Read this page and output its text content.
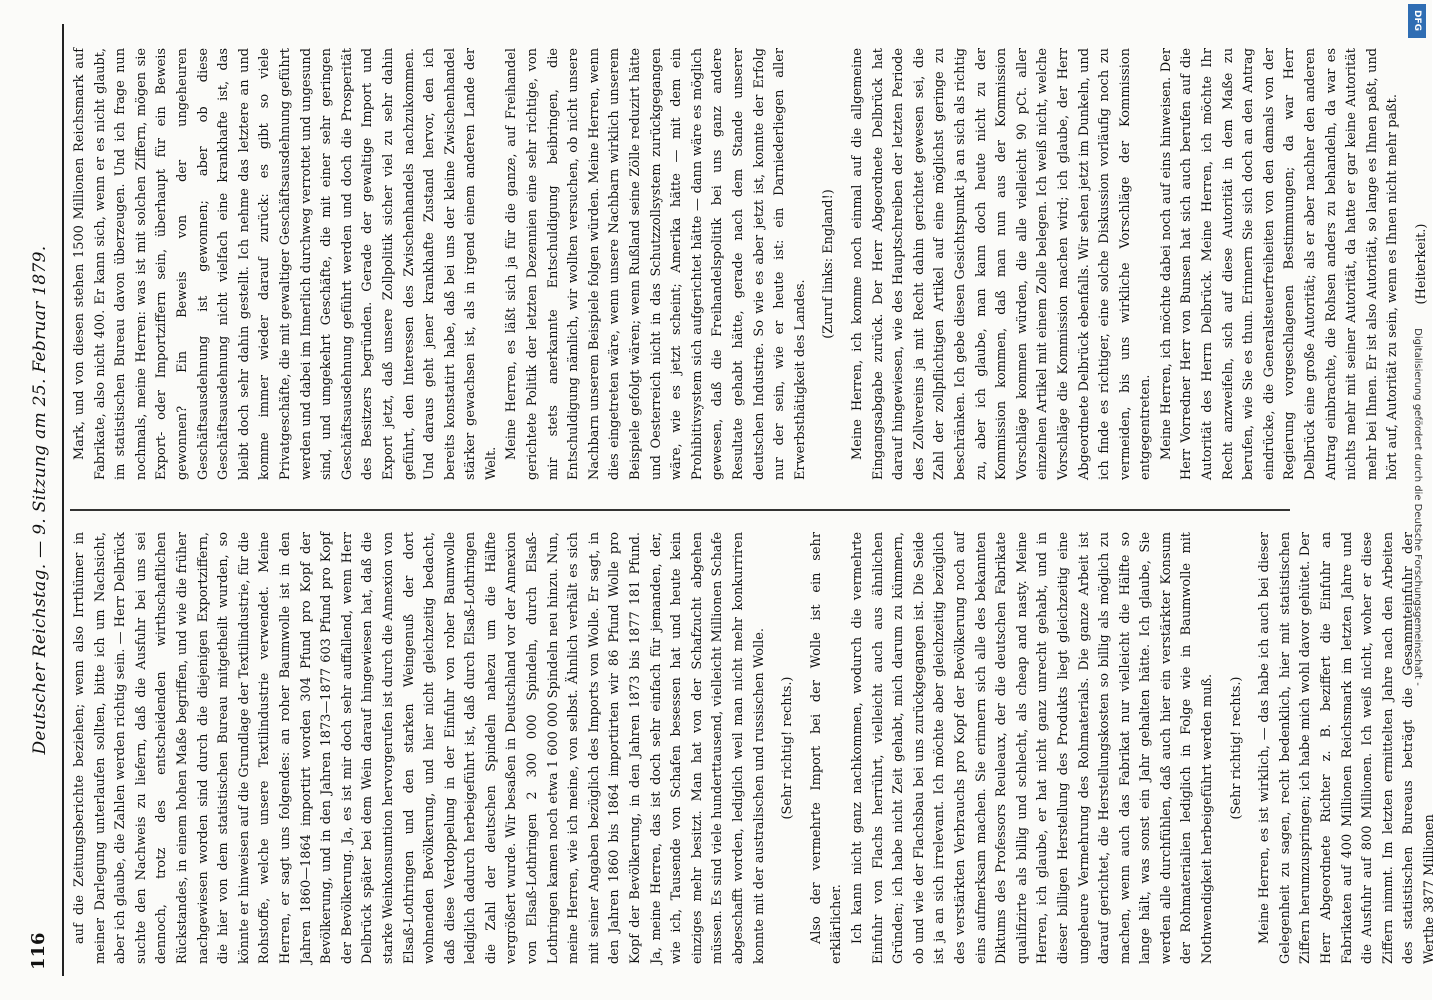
116
Deutscher Reichstag. — 9. Sitzung am 25. Februar 1879. auf die Zeitungsberichte beziehen; wenn also Irrthümer in meiner Darlegung unterlaufen sollten, bitte ich um Nachsicht, aber ich glaube, die Zahlen werden richtig sein. — Herr Delbrück suchte den Nachweis zu liefern, daß die Ausfuhr bei uns sei dennoch, trotz des entscheidenden wirthschaftlichen Rückstandes, in einem hohen Maße begriffen, und wie die früher nachgewiesen worden sind durch die diejenigen Exportziffern, die hier von dem statistischen Bureau mitgetheilt wurden, so könnte er hinweisen auf die Grundlage der Textilindustrie, für die Rohstoffe, welche unsere Textilindustrie verwendet. Meine Herren, er sagt uns folgendes: an roher Baumwolle ist in den Jahren 1860—1864 importirt worden 304 Pfund pro Kopf der Bevölkerung, und in den Jahren 1873—1877 603 Pfund pro Kopf der Bevölkerung. Ja, es ist mir doch sehr auffallend, wenn Herr Delbrück später bei dem Wein darauf hingewiesen hat, daß die starke Weinkonsumtion hervorgerufen ist durch die Annexion von Elsaß-Lothringen und den starken Weingenuß der dort wohnenden Bevölkerung, und hier nicht gleichzeitig bedacht, daß diese Verdoppelung in der Einfuhr von roher Baumwolle lediglich dadurch herbeigeführt ist, daß durch Elsaß-Lothringen die Zahl der deutschen Spindeln nahezu um die Hälfte vergrößert wurde. Wir besaßen in Deutschland vor der Annexion von Elsaß-Lothringen 2 300 000 Spindeln, durch Elsaß-Lothringen kamen noch etwa 1 600 000 Spindeln neu hinzu. Nun, meine Herren, wie ich meine, von selbst. Ähnlich verhält es sich mit seiner Angaben bezüglich des Imports von Wolle. Er sagt, in den Jahren 1860 bis 1864 importirten wir 86 Pfund Wolle pro Kopf der Bevölkerung, in den Jahren 1873 bis 1877 181 Pfund. Ja, meine Herren, das ist doch sehr einfach für jemanden, der, wie ich, Tausende von Schafen besessen hat und heute kein einziges mehr besitzt. Man hat von der Schafzucht abgehen müssen. Es sind viele hunderttausend, vielleicht Millionen Schafe abgeschafft worden, lediglich weil man nicht mehr konkurriren konnte mit der australischen und russischen Wolle. (Sehr richtig! rechts.) Also der vermehrte Import bei der Wolle ist ein sehr erklärlicher. Ich kann nicht ganz nachkommen, wodurch die vermehrte Einfuhr von Flachs herrührt, vielleicht auch aus ähnlichen Gründen; ich habe nicht Zeit gehabt, mich darum zu kümmern, ob und wie der Flachsbau bei uns zurückgegangen ist. Die Seide ist ja an sich irrelevant. Ich möchte aber gleichzeitig bezüglich des verstärkten Verbrauchs pro Kopf der Bevölkerung noch auf eins aufmerksam machen. Sie erinnern sich alle des bekannten Diktums des Professors Reuleaux, der die deutschen Fabrikate qualifizirte als billig und schlecht, als cheap and nasty. Meine Herren, ich glaube, er hat nicht ganz unrecht gehabt, und in dieser billigen Herstellung des Produkts liegt gleichzeitig eine ungeheure Vermehrung des Rohmaterials. Die ganze Arbeit ist darauf gerichtet, die Herstellungskosten so billig als möglich zu machen, wenn auch das Fabrikat nur vielleicht die Hälfte so lange hält, was sonst ein Jahr gehalten hätte. Ich glaube, Sie werden alle durchfühlen, daß auch hier ein verstärkter Konsum der Rohmaterialien lediglich in Folge wie in Baumwolle mit Nothwendigkeit herbeigeführt werden muß. (Sehr richtig! rechts.) Meine Herren, es ist wirklich, — das habe ich auch bei dieser Gelegenheit zu sagen, recht bedenklich, hier mit statistischen Ziffern herumzuspringen; ich habe mich wohl davor gehütet. Der Herr Abgeordnete Richter z. B. beziffert die Einfuhr an Fabrikaten auf 400 Millionen Reichsmark im letzten Jahre und die Ausfuhr auf 800 Millionen. Ich weiß nicht, woher er diese Ziffern nimmt. Im letzten ermittelten Jahre nach den Arbeiten des statistischen Bureaus beträgt die Gesammteinfuhr der Werthe 3877 Millionen

Mark, und von diesen stehen 1500 Millionen Reichsmark auf Fabrikate, also nicht 400. Er kann sich, wenn er es nicht glaubt, im statistischen Bureau davon überzeugen. Und ich frage nun nochmals, meine Herren: was ist mit solchen Ziffern, mögen sie Export- oder Importziffern sein, überhaupt für ein Beweis gewonnen? Ein Beweis von der ungeheuren Geschäftsausdehnung ist gewonnen; aber ob diese Geschäftsausdehnung nicht vielfach eine krankhafte ist, das bleibt doch sehr dahin gestellt. Ich nehme das letztere an und komme immer wieder darauf zurück: es gibt so viele Privatgeschäfte, die mit gewaltiger Geschäftsausdehnung geführt werden und dabei im Innerlich durchweg verrottet und ungesund sind, und umgekehrt Geschäfte, die mit einer sehr geringen Geschäftsausdehnung geführt werden und doch die Prosperität des Besitzers begründen. Gerade der gewaltige Import und Export jetzt, daß unsere Zollpolitik sicher viel zu sehr dahin geführt, den Interessen des Zwischenhandels nachzukommen. Und daraus geht jener krankhafte Zustand hervor, den ich bereits konstatirt habe, daß bei uns der kleine Zwischenhandel stärker gewachsen ist, als in irgend einem anderen Lande der Welt.

Meine Herren, es läßt sich ja für die ganze, auf Freihandel gerichtete Politik der letzten Dezennien eine sehr richtige, von mir stets anerkannte Entschuldigung beibringen, die Entschuldigung nämlich, wir wollten versuchen, ob nicht unsere Nachbarn unserem Beispiele folgen würden. Meine Herren, wenn dies eingetreten wäre, wenn unsere Nachbarn wirklich unserem Beispiele gefolgt wären; wenn Rußland seine Zölle reduzirt hätte und Oesterreich nicht in das Schutzzollsystem zurückgegangen wäre, wie es jetzt scheint; Amerika hätte — mit dem ein Prohibitivsystem sich aufgerichtet hätte — dann wäre es möglich gewesen, daß die Freihandelspolitik bei uns ganz andere Resultate gehabt hätte, gerade nach dem Stande unserer deutschen Industrie. So wie es aber jetzt ist, konnte der Erfolg nur der sein, wie er heute ist: ein Darniederliegen aller Erwerbsthätigkeit des Landes.

(Zuruf links: England!) Meine Herren, ich komme noch einmal auf die allgemeine Eingangsabgabe zurück. Der Herr Abgeordnete Delbrück hat darauf hingewiesen, wie des Hauptschreiben der letzten Periode des Zollvereins ja mit Recht dahin gerichtet gewesen sei, die Zahl der zollpflichtigen Artikel auf eine möglichst geringe zu beschränken. Ich gebe diesen Gesichtspunkt ja an sich als richtig zu, aber ich glaube, man kann doch heute nicht zu der Kommission kommen, daß man nun aus der Kommission Vorschläge kommen würden, die alle vielleicht 90 pCt. aller einzelnen Artikel mit einem Zolle belegen. Ich weiß nicht, welche Vorschläge die Kommission machen wird; ich glaube, der Herr Abgeordnete Delbrück ebenfalls. Wir sehen jetzt im Dunkeln, und ich finde es richtiger, eine solche Diskussion vorläufig noch zu vermeiden, bis uns wirkliche Vorschläge der Kommission entgegentreten. Meine Herren, ich möchte dabei noch auf eins hinweisen. Der Herr Vorredner Herr von Bunsen hat sich auch berufen auf die Autorität des Herrn Delbrück. Meine Herren, ich möchte Ihr Recht anzweifeln, sich auf diese Autorität in dem Maße zu berufen, wie Sie es thun. Erinnern Sie sich doch an den Antrag eindrücke, die Generalsteuerfreiheiten von den damals von der Regierung vorgeschlagenen Bestimmungen; da war Herr Delbrück eine große Autorität; als er aber nachher den anderen Antrag einbrachte, die Rohsen anders zu behandeln, da war es nichts mehr mit seiner Autorität, da hatte er gar keine Autorität mehr bei Ihnen. Er ist also Autorität, so lange es Ihnen paßt, und hört auf, Autorität zu sein, wenn es Ihnen nicht mehr paßt. (Heiterkeit.)

DFG
Digitalisierung gefördert durch die Deutsche Forschungsgemeinschaft -
